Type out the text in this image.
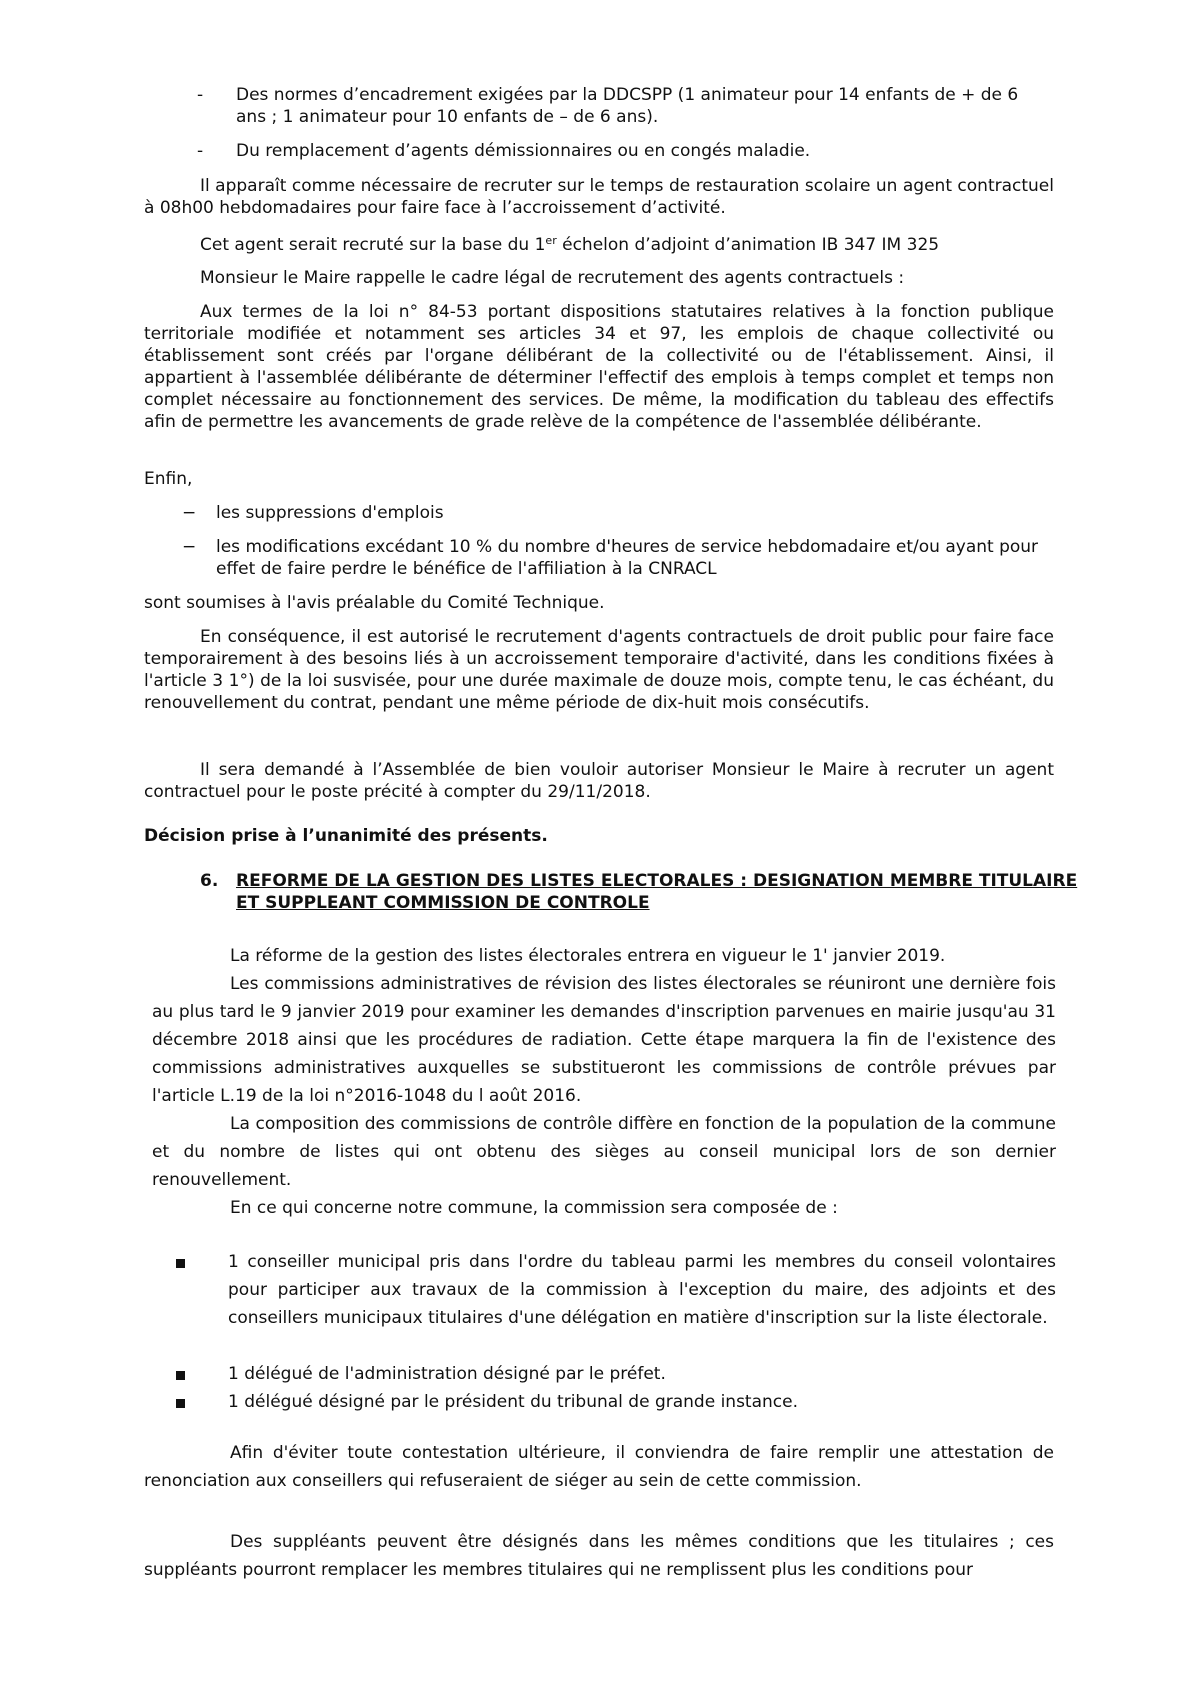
-	Des normes d’encadrement exigées par la DDCSPP (1 animateur pour 14 enfants de + de 6 ans ; 1 animateur pour 10 enfants de – de 6 ans).
-	Du remplacement d’agents démissionnaires ou en congés maladie.
Il apparaît comme nécessaire de recruter sur le temps de restauration scolaire un agent contractuel à 08h00 hebdomadaires pour faire face à l’accroissement d’activité.
Cet agent serait recruté sur la base du 1er échelon d’adjoint d’animation IB 347 IM 325
Monsieur le Maire rappelle le cadre légal de recrutement des agents contractuels :
Aux termes de la loi n° 84-53 portant dispositions statutaires relatives à la fonction publique territoriale modifiée et notamment ses articles 34 et 97, les emplois de chaque collectivité ou établissement sont créés par l'organe délibérant de la collectivité ou de l'établissement. Ainsi, il appartient à l'assemblée délibérante de déterminer l'effectif des emplois à temps complet et temps non complet nécessaire au fonctionnement des services. De même, la modification du tableau des effectifs afin de permettre les avancements de grade relève de la compétence de l'assemblée délibérante.
Enfin,
− les suppressions d'emplois
− les modifications excédant 10 % du nombre d'heures de service hebdomadaire et/ou ayant pour effet de faire perdre le bénéfice de l'affiliation à la CNRACL
sont soumises à l'avis préalable du Comité Technique.
En conséquence, il est autorisé le recrutement d'agents contractuels de droit public pour faire face temporairement à des besoins liés à un accroissement temporaire d'activité, dans les conditions fixées à l'article 3 1°) de la loi susvisée, pour une durée maximale de douze mois, compte tenu, le cas échéant, du renouvellement du contrat, pendant une même période de dix-huit mois consécutifs.
Il sera demandé à l’Assemblée de bien vouloir autoriser Monsieur le Maire à recruter un agent contractuel pour le poste précité à compter du 29/11/2018.
Décision prise à l’unanimité des présents.
6. REFORME DE LA GESTION DES LISTES ELECTORALES : DESIGNATION MEMBRE TITULAIRE ET SUPPLEANT COMMISSION DE CONTROLE
La réforme de la gestion des listes électorales entrera en vigueur le 1' janvier 2019.
Les commissions administratives de révision des listes électorales se réuniront une dernière fois au plus tard le 9 janvier 2019 pour examiner les demandes d'inscription parvenues en mairie jusqu'au 31 décembre 2018 ainsi que les procédures de radiation. Cette étape marquera la fin de l'existence des commissions administratives auxquelles se substitueront les commissions de contrôle prévues par l'article L.19 de la loi n°2016-1048 du l août 2016.
La composition des commissions de contrôle diffère en fonction de la population de la commune et du nombre de listes qui ont obtenu des sièges au conseil municipal lors de son dernier renouvellement.
En ce qui concerne notre commune, la commission sera composée de :
1 conseiller municipal pris dans l'ordre du tableau parmi les membres du conseil volontaires pour participer aux travaux de la commission à l'exception du maire, des adjoints et des conseillers municipaux titulaires d'une délégation en matière d'inscription sur la liste électorale.
1 délégué de l'administration désigné par le préfet.
1 délégué désigné par le président du tribunal de grande instance.
Afin d'éviter toute contestation ultérieure, il conviendra de faire remplir une attestation de renonciation aux conseillers qui refuseraient de siéger au sein de cette commission.
Des suppléants peuvent être désignés dans les mêmes conditions que les titulaires ; ces suppléants pourront remplacer les membres titulaires qui ne remplissent plus les conditions pour
